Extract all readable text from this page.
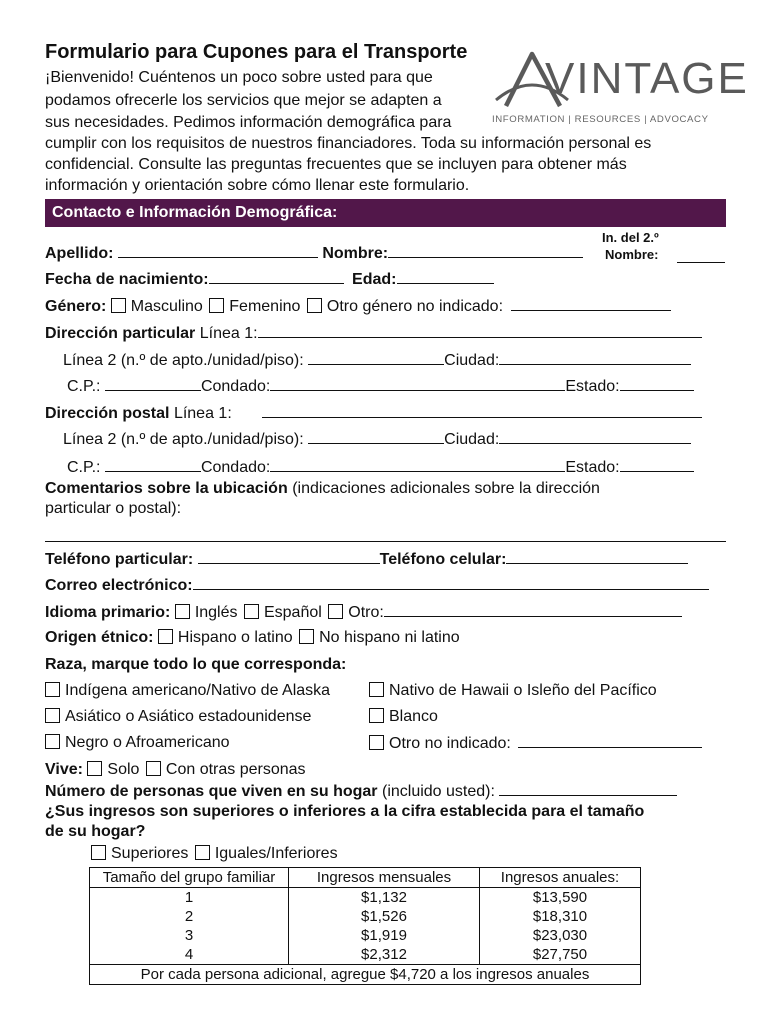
Formulario para Cupones para el Transporte
¡Bienvenido! Cuéntenos un poco sobre usted para que
podamos ofrecerle los servicios que mejor se adapten a
sus necesidades. Pedimos información demográfica para
cumplir con los requisitos de nuestros financiadores. Toda su información personal es
confidencial. Consulte las preguntas frecuentes que se incluyen para obtener más
información y orientación sobre cómo llenar este formulario.
VINTAGE
INFORMATION | RESOURCES | ADVOCACY
Contacto e Información Demográfica:
In. del 2.º
Nombre:
Apellido:	Nombre:
Fecha de nacimiento:	Edad:
Género: Masculino Femenino Otro género no indicado:
Dirección particular Línea 1:
Línea 2 (n.º de apto./unidad/piso):	Ciudad:
C.P.:	Condado:	Estado:
Dirección postal Línea 1:
Línea 2 (n.º de apto./unidad/piso):	Ciudad:
C.P.:	Condado:	Estado:
Comentarios sobre la ubicación (indicaciones adicionales sobre la dirección
particular o postal):
Teléfono particular:	Teléfono celular:
Correo electrónico:
Idioma primario: Inglés Español Otro:
Origen étnico: Hispano o latino No hispano ni latino
Raza, marque todo lo que corresponda:
Indígena americano/Nativo de Alaska	Nativo de Hawaii o Isleño del Pacífico
Asiático o Asiático estadounidense	Blanco
Negro o Afroamericano	Otro no indicado:
Vive: Solo Con otras personas
Número de personas que viven en su hogar (incluido usted):
¿Sus ingresos son superiores o inferiores a la cifra establecida para el tamaño
de su hogar?
Superiores Iguales/Inferiores
Tamaño del grupo familiar	Ingresos mensuales	Ingresos anuales:
1	$1,132	$13,590
2	$1,526	$18,310
3	$1,919	$23,030
4	$2,312	$27,750
Por cada persona adicional, agregue $4,720 a los ingresos anuales		
